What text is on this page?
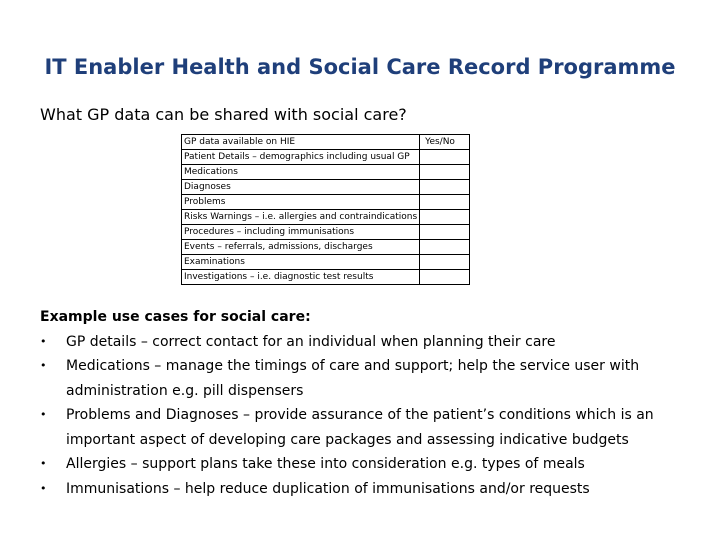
IT Enabler Health and Social Care Record Programme
What GP data can be shared with social care?
GP data available on HIE	Yes/No
Patient Details – demographics including usual GP	
Medications	
Diagnoses	
Problems	
Risks Warnings – i.e. allergies and contraindications	
Procedures – including immunisations	
Events – referrals, admissions, discharges	
Examinations	
Investigations – i.e. diagnostic test results	
Example use cases for social care:
• GP details – correct contact for an individual when planning their care
• Medications – manage the timings of care and support; help the service user with administration e.g. pill dispensers
• Problems and Diagnoses – provide assurance of the patient’s conditions which is an important aspect of developing care packages and assessing indicative budgets
• Allergies – support plans take these into consideration e.g. types of meals
• Immunisations – help reduce duplication of immunisations and/or requests
